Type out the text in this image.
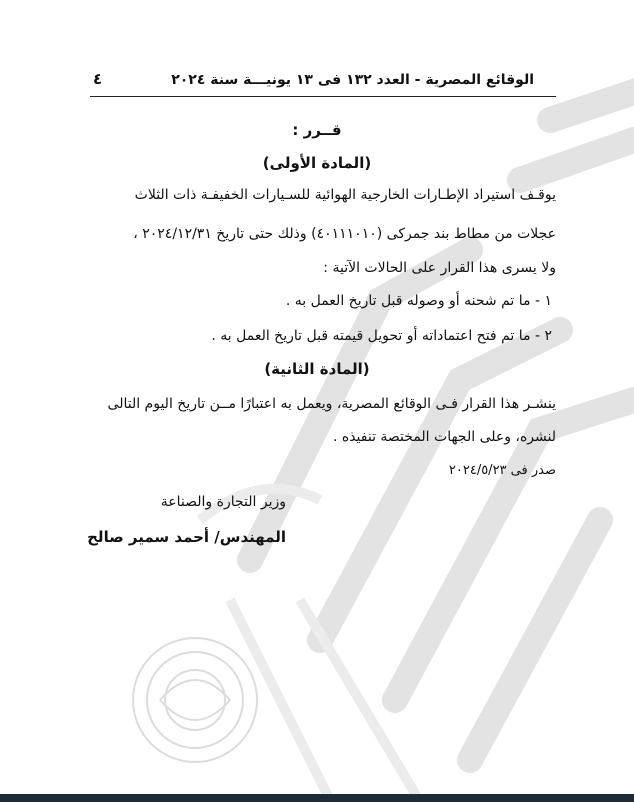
الوقائع المصرية - العدد ١٣٢ فى ١٣ يونيـــة سنة ٢٠٢٤
٤
قــرر :
(المادة الأولى)
يوقـف استيراد الإطـارات الخارجية الهوائية للسـيارات الخفيفـة ذات الثلاث
عجلات من مطاط بند جمركى (٤٠١١١٠١٠) وذلك حتى تاريخ ٢٠٢٤/١٢/٣١ ،
ولا يسرى هذا القرار على الحالات الآتية :
١ - ما تم شحنه أو وصوله قبل تاريخ العمل به .
٢ - ما تم فتح اعتماداته أو تحويل قيمته قبل تاريخ العمل به .
(المادة الثانية)
ينشـر هذا القرار فـى الوقائع المصرية، ويعمل به اعتبارًا مــن تاريخ اليوم التالى
لنشره، وعلى الجهات المختصة تنفيذه .
صدر فى ٢٠٢٤/٥/٢٣
وزير التجارة والصناعة
المهندس/ أحمد سمير صالح
